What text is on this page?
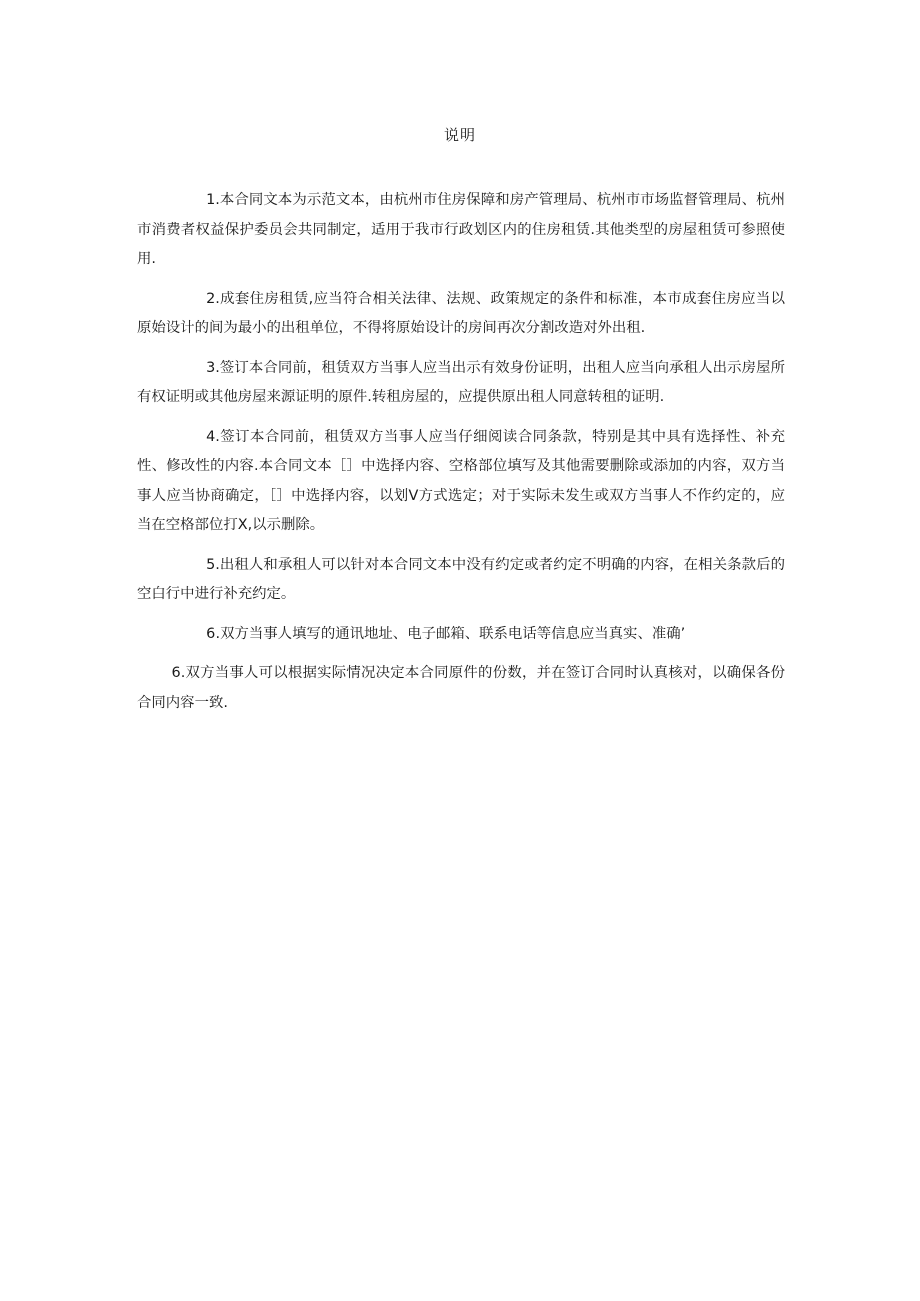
说明

1.本合同文本为示范文本，由杭州市住房保障和房产管理局、杭州市市场监督管理局、杭州市消费者权益保护委员会共同制定，适用于我市行政划区内的住房租赁.其他类型的房屋租赁可参照使用.

2.成套住房租赁,应当符合相关法律、法规、政策规定的条件和标准，本市成套住房应当以原始设计的间为最小的出租单位，不得将原始设计的房间再次分割改造对外出租.

3.签订本合同前，租赁双方当事人应当出示有效身份证明，出租人应当向承租人出示房屋所有权证明或其他房屋来源证明的原件.转租房屋的，应提供原出租人同意转租的证明.

4.签订本合同前，租赁双方当事人应当仔细阅读合同条款，特别是其中具有选择性、补充性、修改性的内容.本合同文本［］中选择内容、空格部位填写及其他需要删除或添加的内容，双方当事人应当协商确定，［］中选择内容，以划V方式选定；对于实际未发生或双方当事人不作约定的，应当在空格部位打X,以示删除。

5.出租人和承租人可以针对本合同文本中没有约定或者约定不明确的内容，在相关条款后的空白行中进行补充约定。

6.双方当事人填写的通讯地址、电子邮箱、联系电话等信息应当真实、准确’

6.双方当事人可以根据实际情况决定本合同原件的份数，并在签订合同时认真核对，以确保各份合同内容一致.
